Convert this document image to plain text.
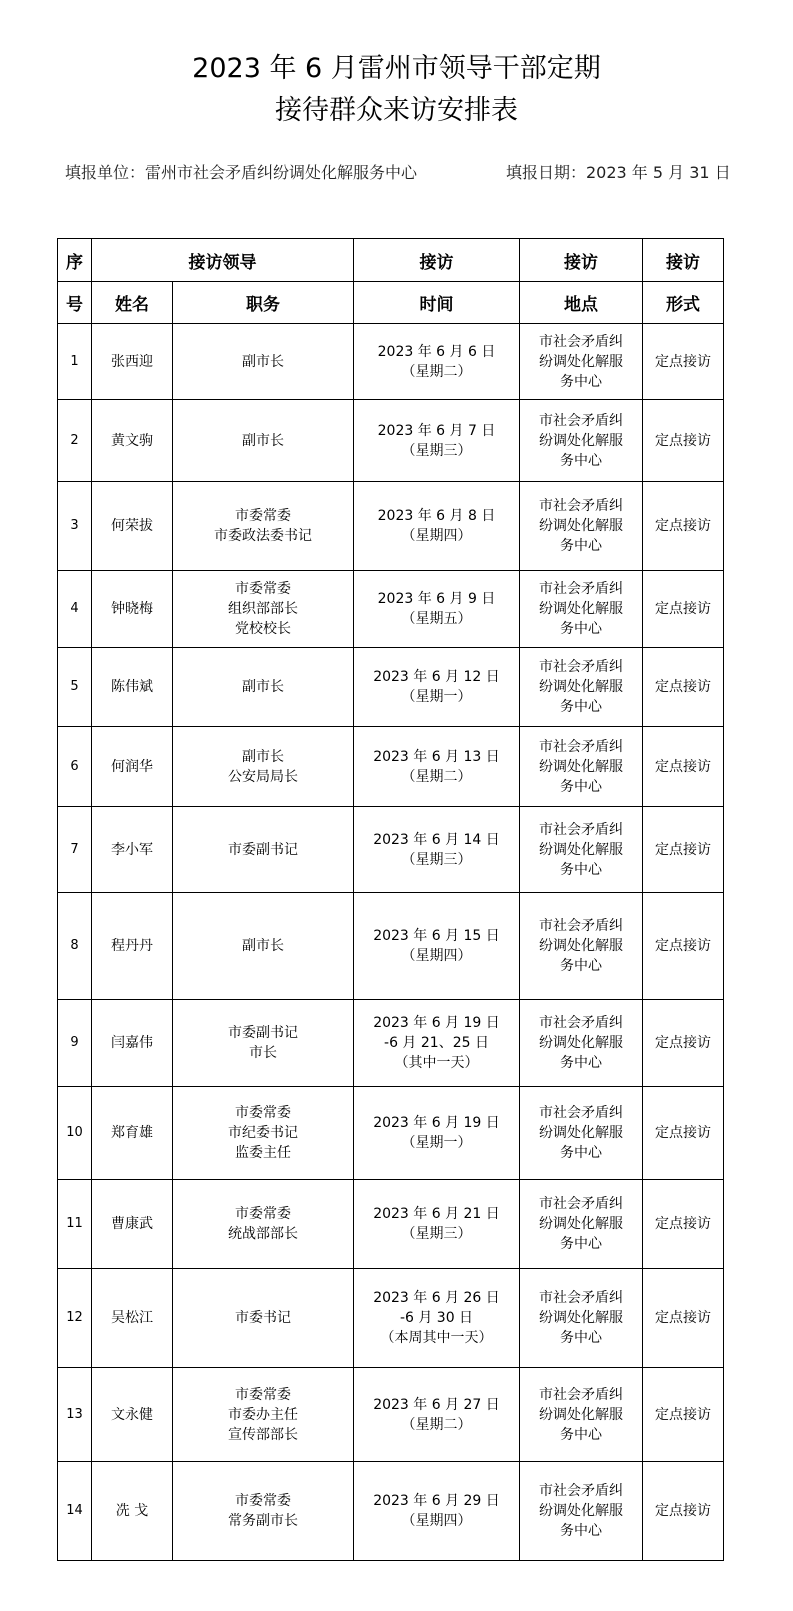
2023 年 6 月雷州市领导干部定期
接待群众来访安排表
填报单位：雷州市社会矛盾纠纷调处化解服务中心	填报日期：2023 年 5 月 31 日
序	接访领导		接访	接访	接访
号	姓名	职务	时间	地点	形式
1	张西迎	副市长	2023 年 6 月 6 日
（星期二）	市社会矛盾纠
纷调处化解服
务中心	定点接访
2	黄文驹	副市长	2023 年 6 月 7 日
（星期三）	市社会矛盾纠
纷调处化解服
务中心	定点接访
3	何荣拔	市委常委
市委政法委书记	2023 年 6 月 8 日
（星期四）	市社会矛盾纠
纷调处化解服
务中心	定点接访
4	钟晓梅	市委常委
组织部部长
党校校长	2023 年 6 月 9 日
（星期五）	市社会矛盾纠
纷调处化解服
务中心	定点接访
5	陈伟斌	副市长	2023 年 6 月 12 日
（星期一）	市社会矛盾纠
纷调处化解服
务中心	定点接访
6	何润华	副市长
公安局局长	2023 年 6 月 13 日
（星期二）	市社会矛盾纠
纷调处化解服
务中心	定点接访
7	李小军	市委副书记	2023 年 6 月 14 日
（星期三）	市社会矛盾纠
纷调处化解服
务中心	定点接访
8	程丹丹	副市长	2023 年 6 月 15 日
（星期四）	市社会矛盾纠
纷调处化解服
务中心	定点接访
9	闫嘉伟	市委副书记
市长	2023 年 6 月 19 日
-6 月 21、25 日
（其中一天）	市社会矛盾纠
纷调处化解服
务中心	定点接访
10	郑育雄	市委常委
市纪委书记
监委主任	2023 年 6 月 19 日
（星期一）	市社会矛盾纠
纷调处化解服
务中心	定点接访
11	曹康武	市委常委
统战部部长	2023 年 6 月 21 日
（星期三）	市社会矛盾纠
纷调处化解服
务中心	定点接访
12	吴松江	市委书记	2023 年 6 月 26 日
-6 月 30 日
（本周其中一天）	市社会矛盾纠
纷调处化解服
务中心	定点接访
13	文永健	市委常委
市委办主任
宣传部部长	2023 年 6 月 27 日
（星期二）	市社会矛盾纠
纷调处化解服
务中心	定点接访
14	冼 戈	市委常委
常务副市长	2023 年 6 月 29 日
（星期四）	市社会矛盾纠
纷调处化解服
务中心	定点接访
